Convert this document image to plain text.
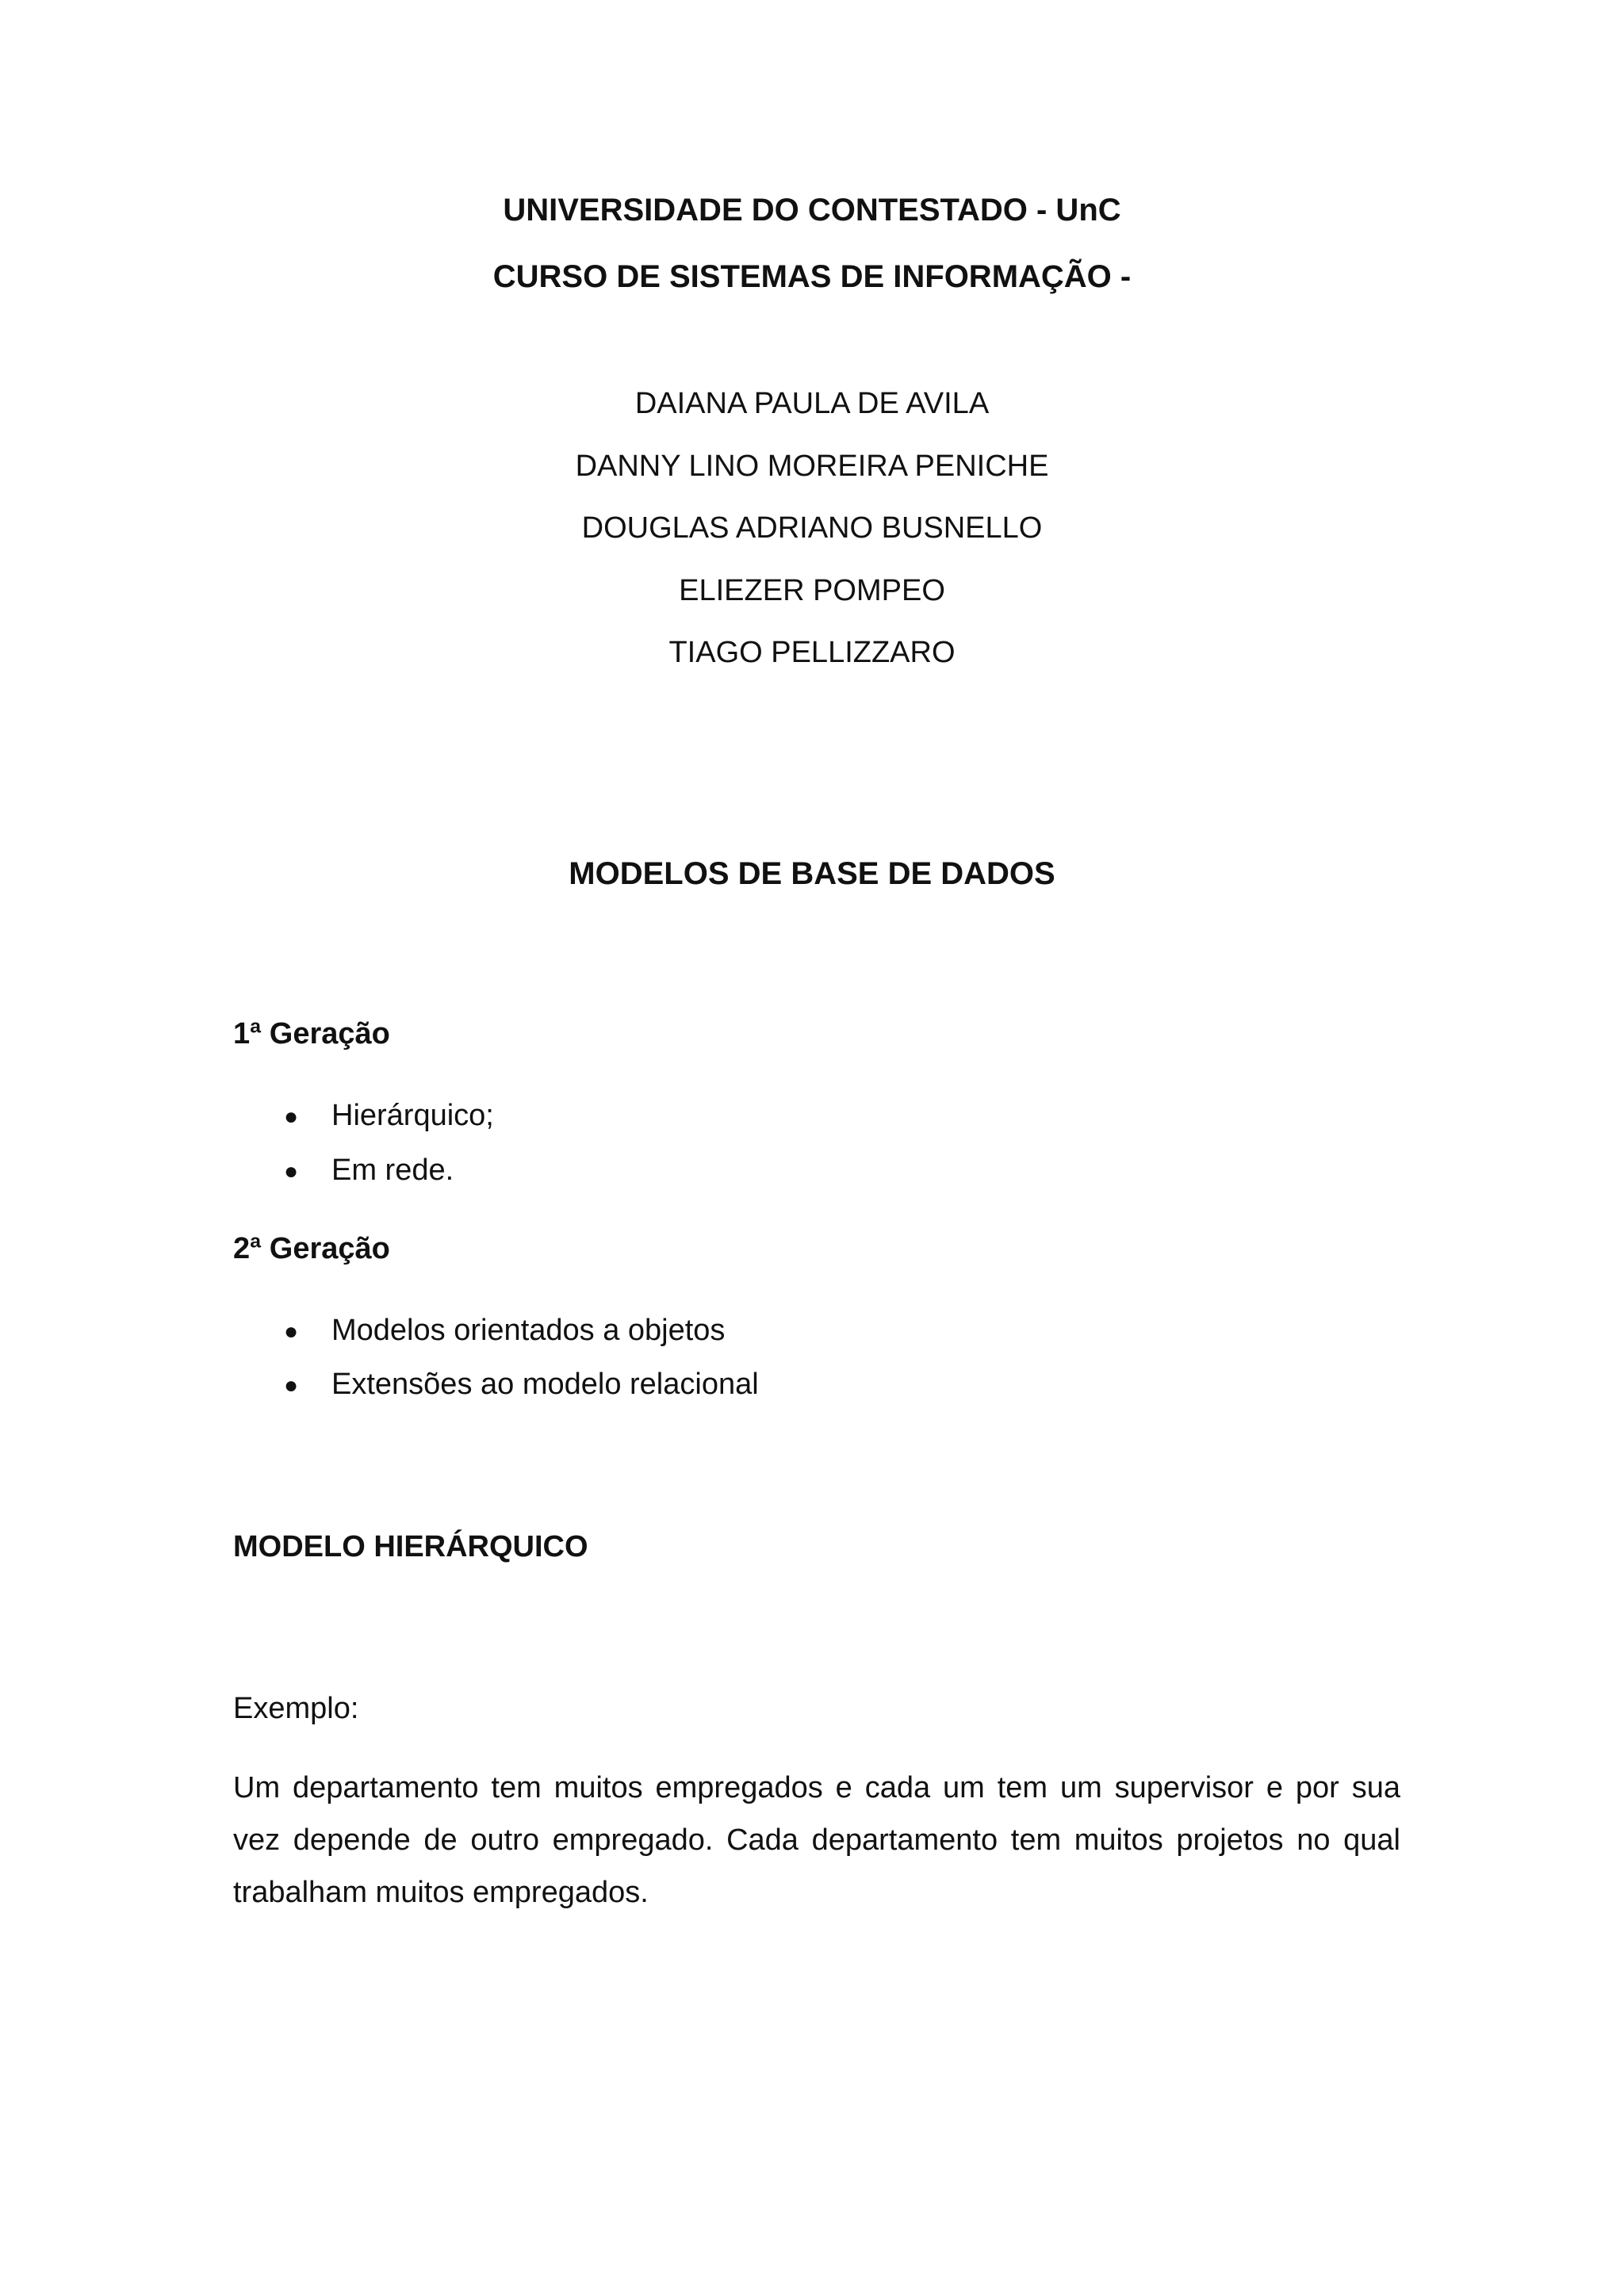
UNIVERSIDADE DO CONTESTADO - UnC
CURSO DE SISTEMAS DE INFORMAÇÃO -
DAIANA PAULA DE AVILA
DANNY LINO MOREIRA PENICHE
DOUGLAS ADRIANO BUSNELLO
ELIEZER POMPEO
TIAGO PELLIZZARO
MODELOS DE BASE DE DADOS
1ª Geração
● Hierárquico;
● Em rede.
2ª Geração
● Modelos orientados a objetos
● Extensões ao modelo relacional
MODELO HIERÁRQUICO
Exemplo:
Um departamento tem muitos empregados e cada um tem um supervisor e por sua vez depende de outro empregado. Cada departamento tem muitos projetos no qual trabalham muitos empregados.
